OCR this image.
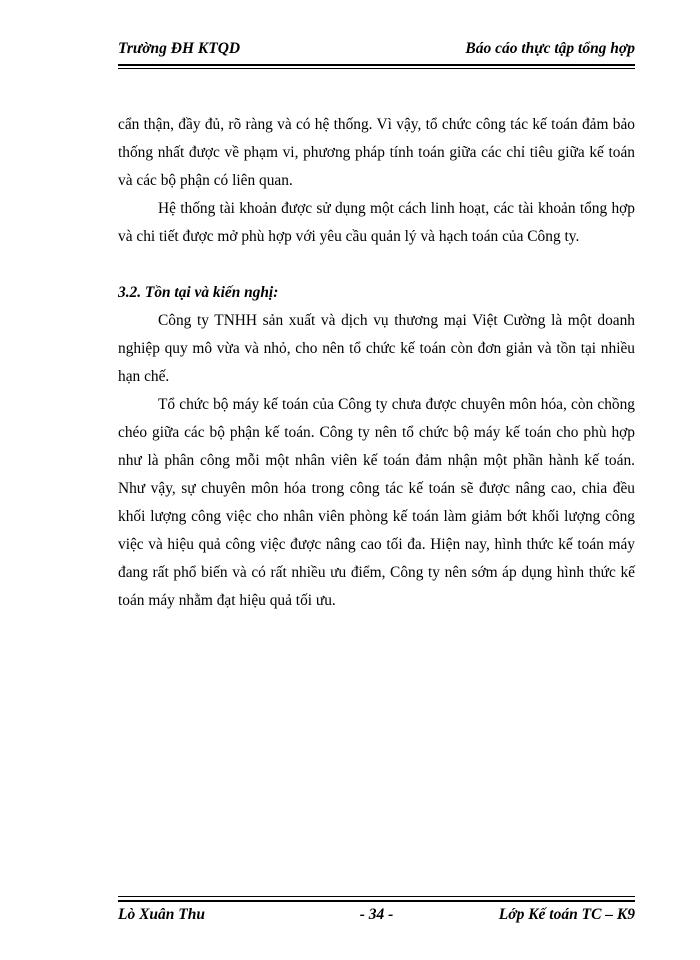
Trường ĐH KTQD	Báo cáo thực tập tổng hợp

cẩn thận, đầy đủ, rõ ràng và có hệ thống. Vì vậy, tổ chức công tác kế toán đảm bảo thống nhất được về phạm vi, phương pháp tính toán giữa các chỉ tiêu giữa kế toán và các bộ phận có liên quan.

Hệ thống tài khoản được sử dụng một cách linh hoạt, các tài khoản tổng hợp và chi tiết được mở phù hợp với yêu cầu quản lý và hạch toán của Công ty.

3.2. Tồn tại và kiến nghị:

Công ty TNHH sản xuất và dịch vụ thương mại Việt Cường là một doanh nghiệp quy mô vừa và nhỏ, cho nên tổ chức kế toán còn đơn giản và tồn tại nhiều hạn chế.

Tổ chức bộ máy kế toán của Công ty chưa được chuyên môn hóa, còn chồng chéo giữa các bộ phận kế toán. Công ty nên tổ chức bộ máy kế toán cho phù hợp như là phân công mỗi một nhân viên kế toán đảm nhận một phần hành kế toán. Như vậy, sự chuyên môn hóa trong công tác kế toán sẽ được nâng cao, chia đều khối lượng công việc cho nhân viên phòng kế toán làm giảm bớt khối lượng công việc và hiệu quả công việc được nâng cao tối đa. Hiện nay, hình thức kế toán máy đang rất phổ biến và có rất nhiều ưu điểm, Công ty nên sớm áp dụng hình thức kế toán máy nhằm đạt hiệu quả tối ưu.

Lò Xuân Thu	- 34 -	Lớp Kế toán TC – K9
